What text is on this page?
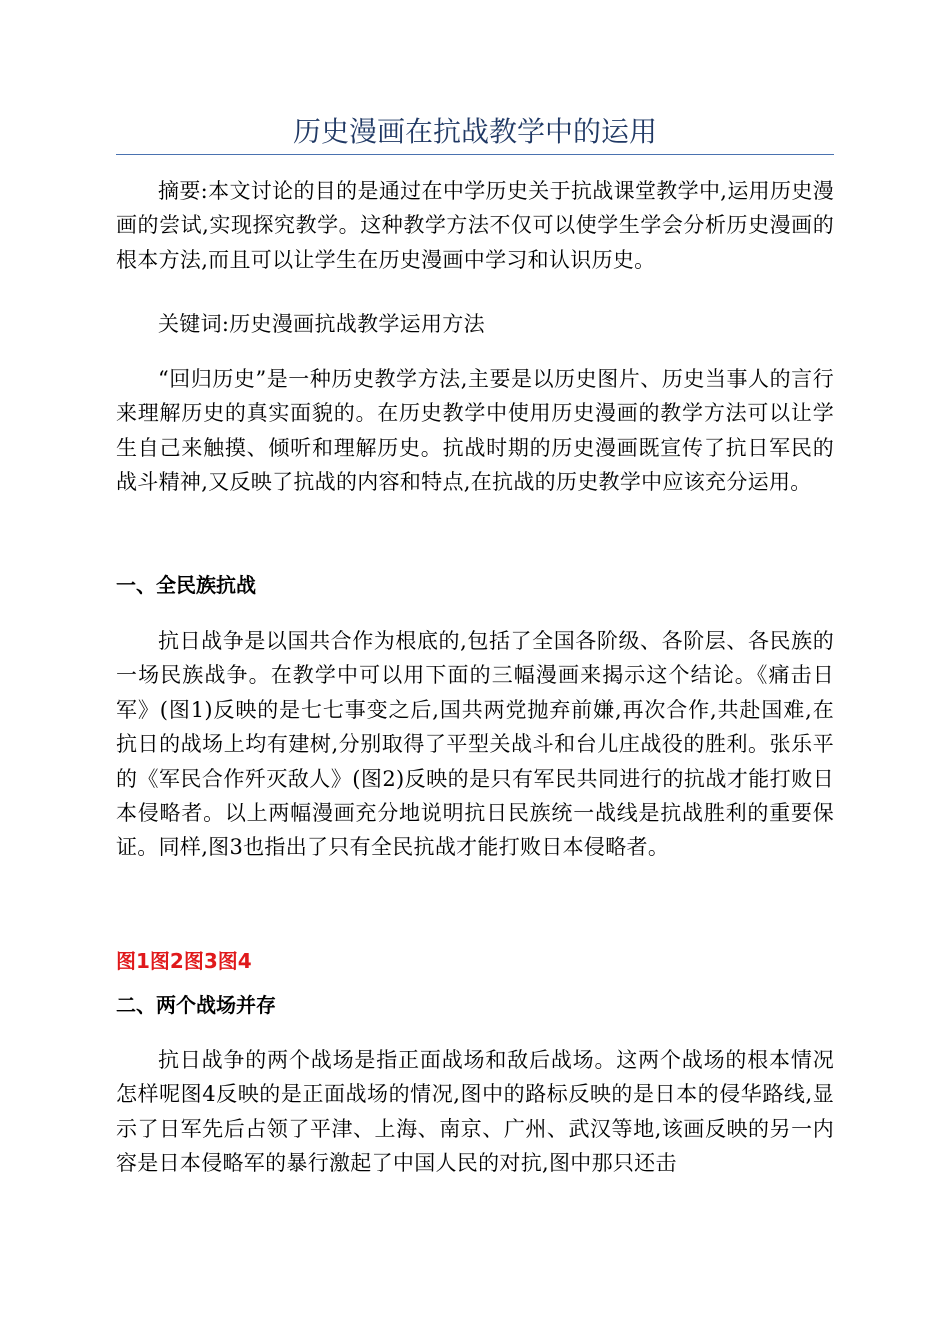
历史漫画在抗战教学中的运用

摘要:本文讨论的目的是通过在中学历史关于抗战课堂教学中,运用历史漫画的尝试,实现探究教学。这种教学方法不仅可以使学生学会分析历史漫画的根本方法,而且可以让学生在历史漫画中学习和认识历史。

关键词:历史漫画抗战教学运用方法

“回归历史”是一种历史教学方法,主要是以历史图片、历史当事人的言行来理解历史的真实面貌的。在历史教学中使用历史漫画的教学方法可以让学生自己来触摸、倾听和理解历史。抗战时期的历史漫画既宣传了抗日军民的战斗精神,又反映了抗战的内容和特点,在抗战的历史教学中应该充分运用。

一、全民族抗战

抗日战争是以国共合作为根底的,包括了全国各阶级、各阶层、各民族的一场民族战争。在教学中可以用下面的三幅漫画来揭示这个结论。《痛击日军》(图1)反映的是七七事变之后,国共两党抛弃前嫌,再次合作,共赴国难,在抗日的战场上均有建树,分别取得了平型关战斗和台儿庄战役的胜利。张乐平的《军民合作歼灭敌人》(图2)反映的是只有军民共同进行的抗战才能打败日本侵略者。以上两幅漫画充分地说明抗日民族统一战线是抗战胜利的重要保证。同样,图3也指出了只有全民抗战才能打败日本侵略者。

图1图2图3图4

二、两个战场并存

抗日战争的两个战场是指正面战场和敌后战场。这两个战场的根本情况怎样呢图4反映的是正面战场的情况,图中的路标反映的是日本的侵华路线,显示了日军先后占领了平津、上海、南京、广州、武汉等地,该画反映的另一内容是日本侵略军的暴行激起了中国人民的对抗,图中那只还击
